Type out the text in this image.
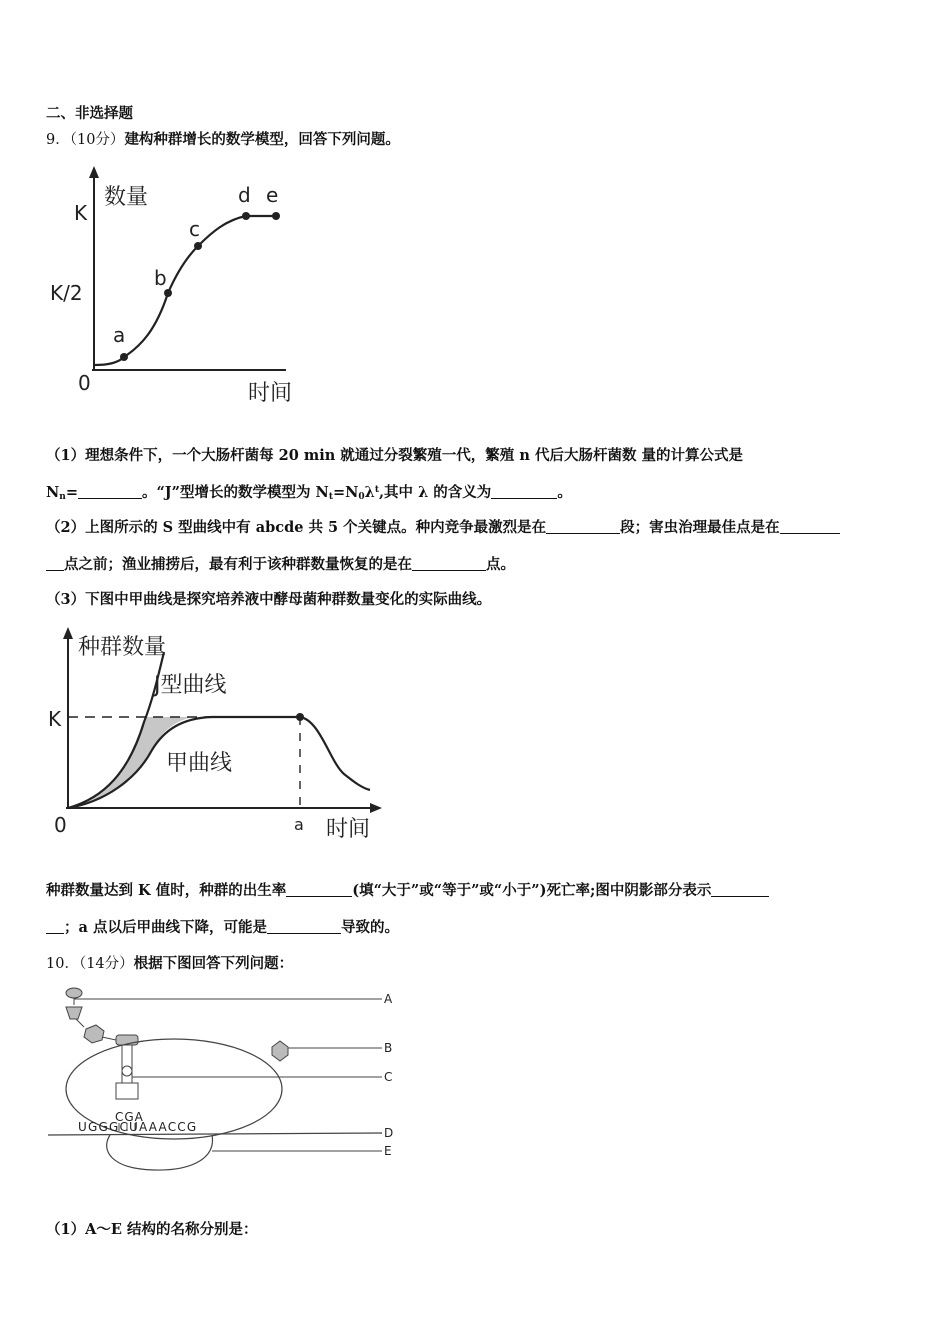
二、非选择题
9．（10分）建构种群增长的数学模型，回答下列问题。
数量
K
K/2
0	时间
a
b
c
d e
（1）理想条件下，一个大肠杆菌每 20 min 就通过分裂繁殖一代，繁殖 n 代后大肠杆菌数 量的计算公式是
$N_n=$	。“J”型增长的数学模型为 $N_t=N_0\lambda^t$,其中 λ 的含义为	。
（2）上图所示的 S 型曲线中有 abcde 共 5 个关键点。种内竞争最激烈是在	段；害虫治理最佳点是在
点之前；渔业捕捞后，最有利于该种群数量恢复的是在	点。
（3）下图中甲曲线是探究培养液中酵母菌种群数量变化的实际曲线。
种群数量
K
0	a 时间
J型曲线
甲曲线
种群数量达到 K 值时，种群的出生率	(填“大于”或“等于”或“小于”)死亡率;图中阴影部分表示
；a 点以后甲曲线下降，可能是	导致的。
10．（14分）根据下图回答下列问题：
CGA
UGGGCUAAACCG
A
B
C
D
E
（1）A～E 结构的名称分别是：
